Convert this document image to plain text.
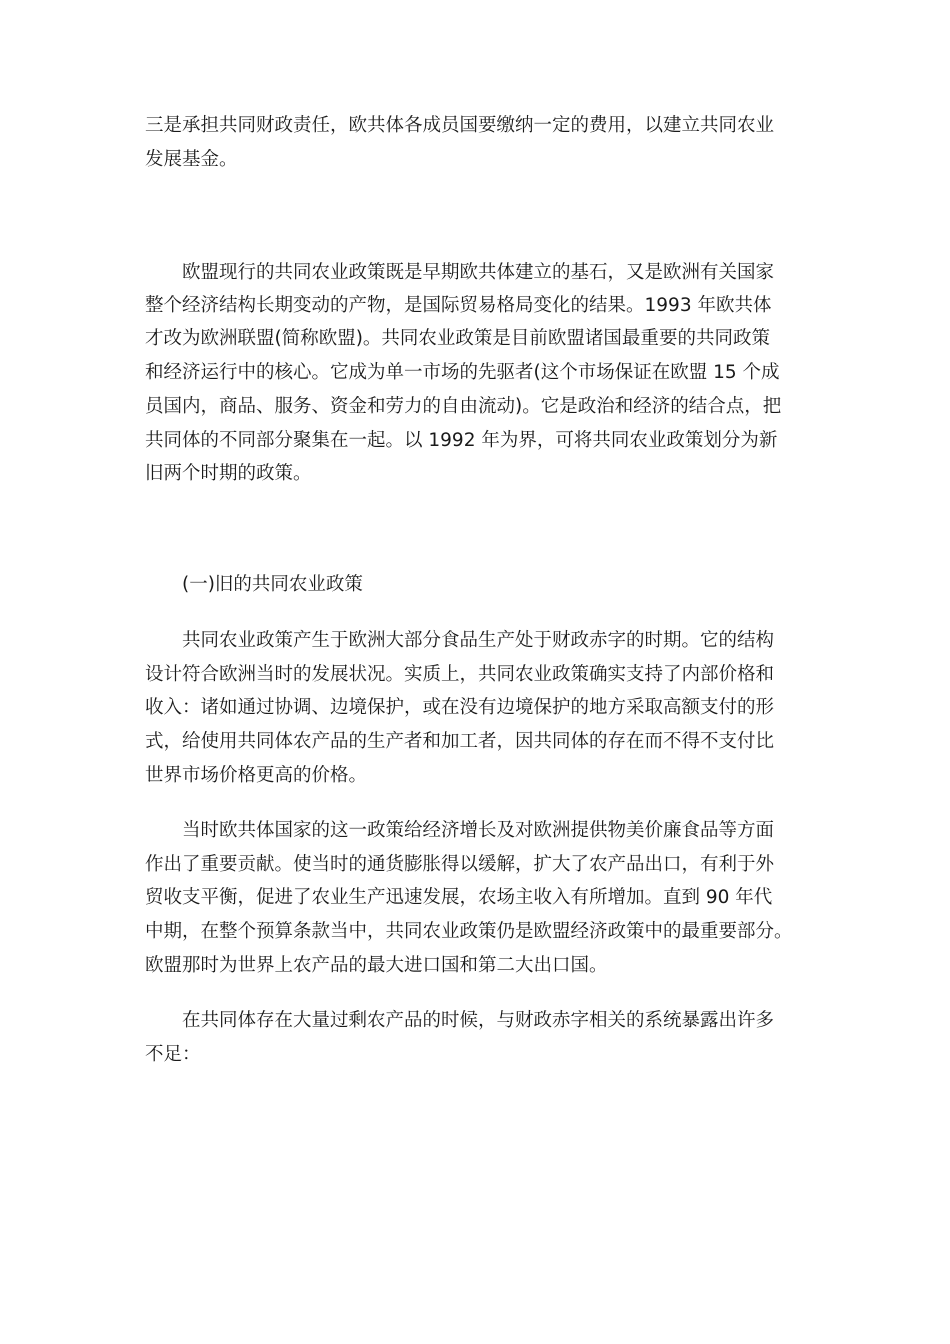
三是承担共同财政责任，欧共体各成员国要缴纳一定的费用，以建立共同农业
发展基金。
欧盟现行的共同农业政策既是早期欧共体建立的基石，又是欧洲有关国家
整个经济结构长期变动的产物，是国际贸易格局变化的结果。1993 年欧共体
才改为欧洲联盟(简称欧盟)。共同农业政策是目前欧盟诸国最重要的共同政策
和经济运行中的核心。它成为单一市场的先驱者(这个市场保证在欧盟 15 个成
员国内，商品、服务、资金和劳力的自由流动)。它是政治和经济的结合点，把
共同体的不同部分聚集在一起。以 1992 年为界，可将共同农业政策划分为新
旧两个时期的政策。
(一)旧的共同农业政策
共同农业政策产生于欧洲大部分食品生产处于财政赤字的时期。它的结构
设计符合欧洲当时的发展状况。实质上，共同农业政策确实支持了内部价格和
收入：诸如通过协调、边境保护，或在没有边境保护的地方采取高额支付的形
式，给使用共同体农产品的生产者和加工者，因共同体的存在而不得不支付比
世界市场价格更高的价格。
当时欧共体国家的这一政策给经济增长及对欧洲提供物美价廉食品等方面
作出了重要贡献。使当时的通货膨胀得以缓解，扩大了农产品出口，有利于外
贸收支平衡，促进了农业生产迅速发展，农场主收入有所增加。直到 90 年代
中期，在整个预算条款当中，共同农业政策仍是欧盟经济政策中的最重要部分。
欧盟那时为世界上农产品的最大进口国和第二大出口国。
在共同体存在大量过剩农产品的时候，与财政赤字相关的系统暴露出许多
不足：
